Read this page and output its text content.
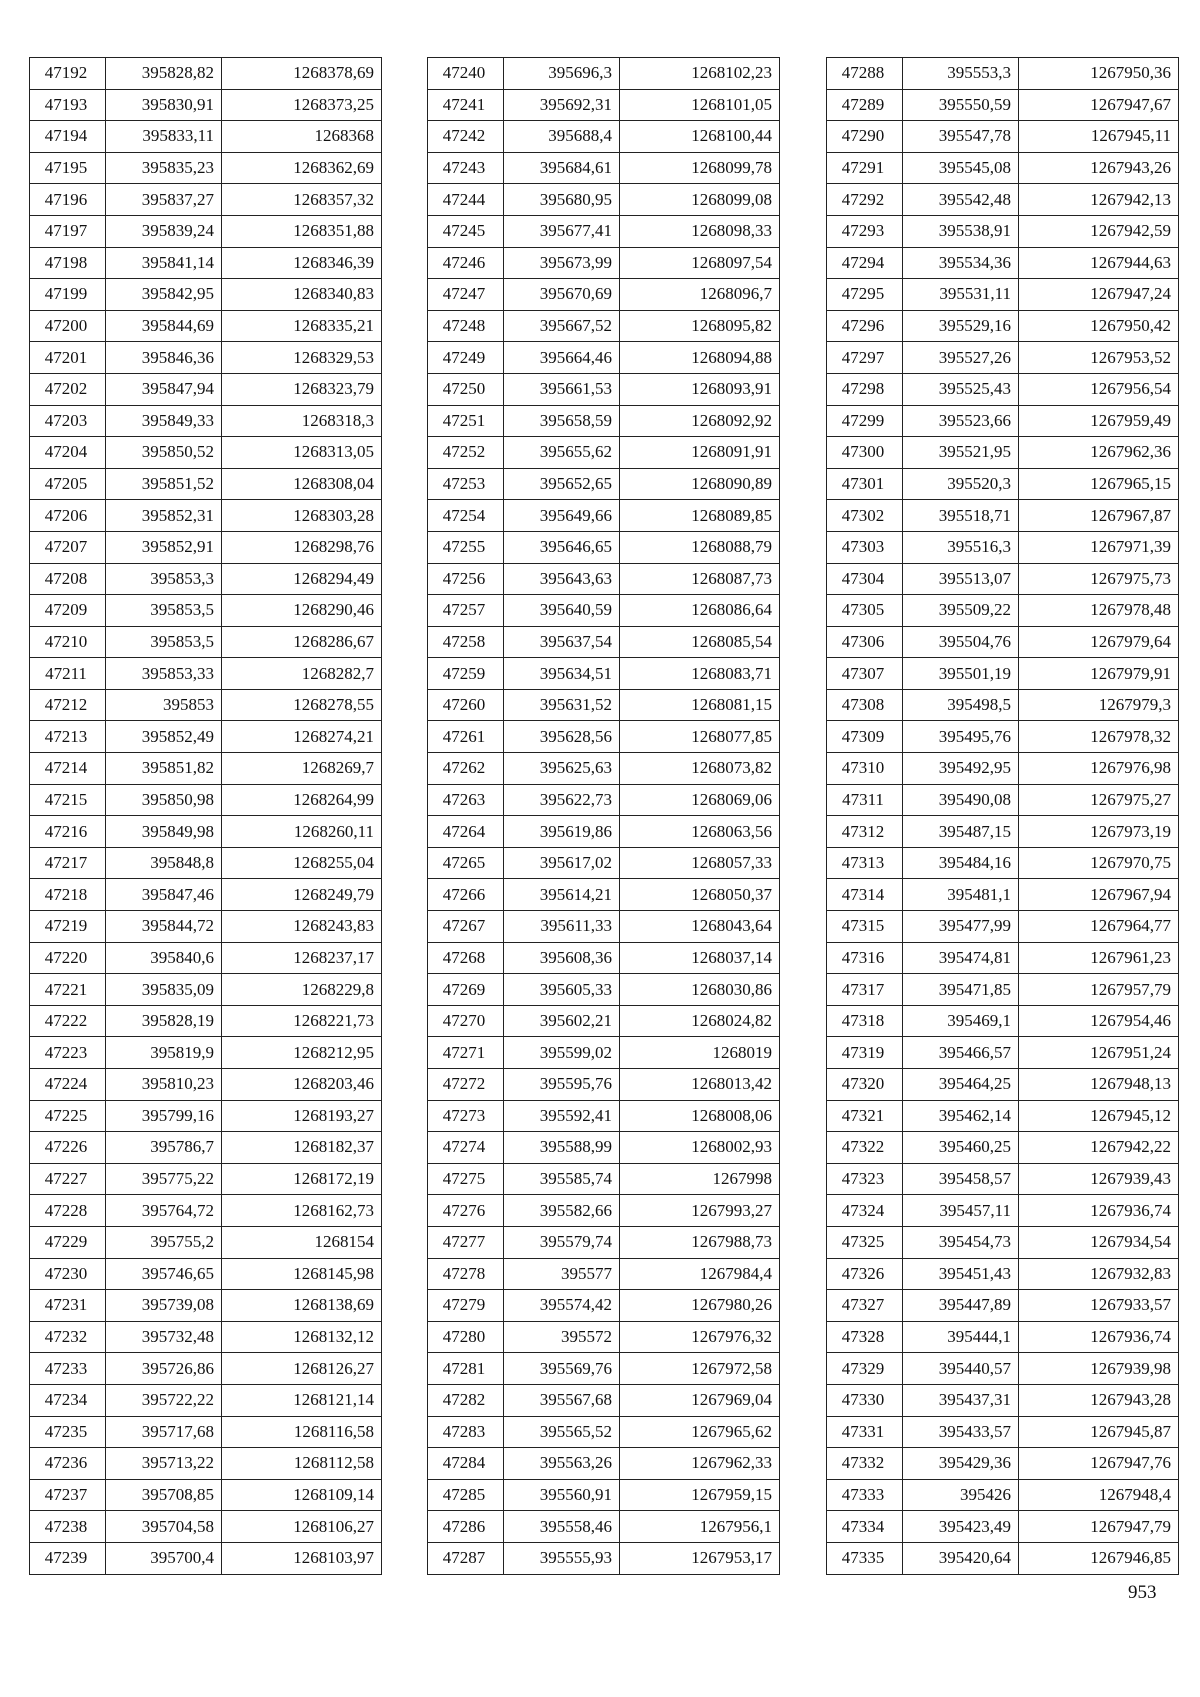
47192	395828,82	1268378,69
47193	395830,91	1268373,25
47194	395833,11	1268368
47195	395835,23	1268362,69
47196	395837,27	1268357,32
47197	395839,24	1268351,88
47198	395841,14	1268346,39
47199	395842,95	1268340,83
47200	395844,69	1268335,21
47201	395846,36	1268329,53
47202	395847,94	1268323,79
47203	395849,33	1268318,3
47204	395850,52	1268313,05
47205	395851,52	1268308,04
47206	395852,31	1268303,28
47207	395852,91	1268298,76
47208	395853,3	1268294,49
47209	395853,5	1268290,46
47210	395853,5	1268286,67
47211	395853,33	1268282,7
47212	395853	1268278,55
47213	395852,49	1268274,21
47214	395851,82	1268269,7
47215	395850,98	1268264,99
47216	395849,98	1268260,11
47217	395848,8	1268255,04
47218	395847,46	1268249,79
47219	395844,72	1268243,83
47220	395840,6	1268237,17
47221	395835,09	1268229,8
47222	395828,19	1268221,73
47223	395819,9	1268212,95
47224	395810,23	1268203,46
47225	395799,16	1268193,27
47226	395786,7	1268182,37
47227	395775,22	1268172,19
47228	395764,72	1268162,73
47229	395755,2	1268154
47230	395746,65	1268145,98
47231	395739,08	1268138,69
47232	395732,48	1268132,12
47233	395726,86	1268126,27
47234	395722,22	1268121,14
47235	395717,68	1268116,58
47236	395713,22	1268112,58
47237	395708,85	1268109,14
47238	395704,58	1268106,27
47239	395700,4	1268103,97
47240	395696,3	1268102,23
47241	395692,31	1268101,05
47242	395688,4	1268100,44
47243	395684,61	1268099,78
47244	395680,95	1268099,08
47245	395677,41	1268098,33
47246	395673,99	1268097,54
47247	395670,69	1268096,7
47248	395667,52	1268095,82
47249	395664,46	1268094,88
47250	395661,53	1268093,91
47251	395658,59	1268092,92
47252	395655,62	1268091,91
47253	395652,65	1268090,89
47254	395649,66	1268089,85
47255	395646,65	1268088,79
47256	395643,63	1268087,73
47257	395640,59	1268086,64
47258	395637,54	1268085,54
47259	395634,51	1268083,71
47260	395631,52	1268081,15
47261	395628,56	1268077,85
47262	395625,63	1268073,82
47263	395622,73	1268069,06
47264	395619,86	1268063,56
47265	395617,02	1268057,33
47266	395614,21	1268050,37
47267	395611,33	1268043,64
47268	395608,36	1268037,14
47269	395605,33	1268030,86
47270	395602,21	1268024,82
47271	395599,02	1268019
47272	395595,76	1268013,42
47273	395592,41	1268008,06
47274	395588,99	1268002,93
47275	395585,74	1267998
47276	395582,66	1267993,27
47277	395579,74	1267988,73
47278	395577	1267984,4
47279	395574,42	1267980,26
47280	395572	1267976,32
47281	395569,76	1267972,58
47282	395567,68	1267969,04
47283	395565,52	1267965,62
47284	395563,26	1267962,33
47285	395560,91	1267959,15
47286	395558,46	1267956,1
47287	395555,93	1267953,17
47288	395553,3	1267950,36
47289	395550,59	1267947,67
47290	395547,78	1267945,11
47291	395545,08	1267943,26
47292	395542,48	1267942,13
47293	395538,91	1267942,59
47294	395534,36	1267944,63
47295	395531,11	1267947,24
47296	395529,16	1267950,42
47297	395527,26	1267953,52
47298	395525,43	1267956,54
47299	395523,66	1267959,49
47300	395521,95	1267962,36
47301	395520,3	1267965,15
47302	395518,71	1267967,87
47303	395516,3	1267971,39
47304	395513,07	1267975,73
47305	395509,22	1267978,48
47306	395504,76	1267979,64
47307	395501,19	1267979,91
47308	395498,5	1267979,3
47309	395495,76	1267978,32
47310	395492,95	1267976,98
47311	395490,08	1267975,27
47312	395487,15	1267973,19
47313	395484,16	1267970,75
47314	395481,1	1267967,94
47315	395477,99	1267964,77
47316	395474,81	1267961,23
47317	395471,85	1267957,79
47318	395469,1	1267954,46
47319	395466,57	1267951,24
47320	395464,25	1267948,13
47321	395462,14	1267945,12
47322	395460,25	1267942,22
47323	395458,57	1267939,43
47324	395457,11	1267936,74
47325	395454,73	1267934,54
47326	395451,43	1267932,83
47327	395447,89	1267933,57
47328	395444,1	1267936,74
47329	395440,57	1267939,98
47330	395437,31	1267943,28
47331	395433,57	1267945,87
47332	395429,36	1267947,76
47333	395426	1267948,4
47334	395423,49	1267947,79
47335	395420,64	1267946,85
953
